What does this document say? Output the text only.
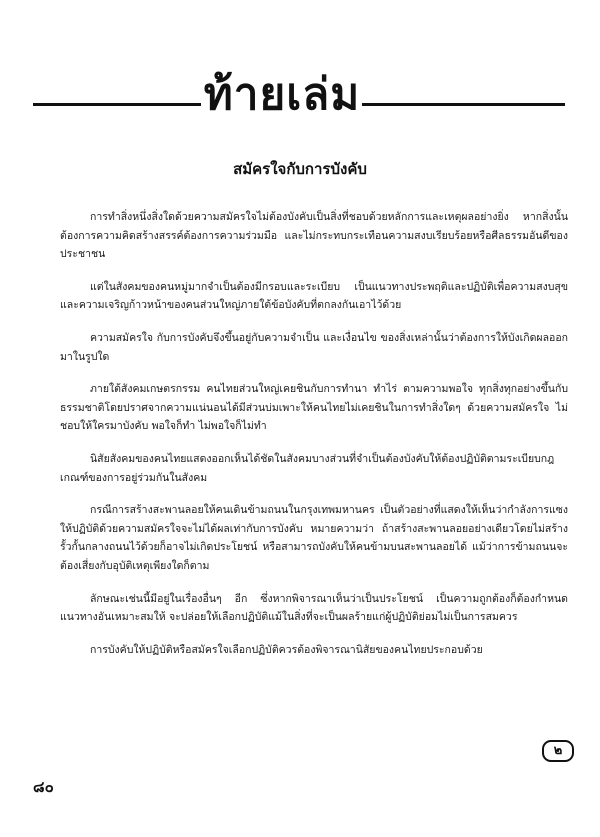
ท้ายเล่ม
สมัครใจกับการบังคับ

การทำสิ่งหนึ่งสิ่งใดด้วยความสมัครใจไม่ต้องบังคับเป็นสิ่งที่ชอบด้วยหลักการและเหตุผลอย่างยิ่ง หากสิ่งนั้นต้องการความคิดสร้างสรรค์ต้องการความร่วมมือ และไม่กระทบกระเทือนความสงบเรียบร้อยหรือศีลธรรมอันดีของประชาชน

แต่ในสังคมของคนหมู่มากจำเป็นต้องมีกรอบและระเบียบ เป็นแนวทางประพฤติและปฏิบัติเพื่อความสงบสุขและความเจริญก้าวหน้าของคนส่วนใหญ่ภายใต้ข้อบังคับที่ตกลงกันเอาไว้ด้วย

ความสมัครใจ กับการบังคับจึงขึ้นอยู่กับความจำเป็น และเงื่อนไข ของสิ่งเหล่านั้นว่าต้องการให้บังเกิดผลออกมาในรูปใด

ภายใต้สังคมเกษตรกรรม คนไทยส่วนใหญ่เคยชินกับการทำนา ทำไร่ ตามความพอใจ ทุกสิ่งทุกอย่างขึ้นกับธรรมชาติโดยปราศจากความแน่นอนได้มีส่วนบ่มเพาะให้คนไทยไม่เคยชินในการทำสิ่งใดๆ ด้วยความสมัครใจ ไม่ชอบให้ใครมาบังคับ พอใจก็ทำ ไม่พอใจก็ไม่ทำ

นิสัยสังคมของคนไทยแสดงออกเห็นได้ชัดในสังคมบางส่วนที่จำเป็นต้องบังคับให้ต้องปฏิบัติตามระเบียบกฎเกณฑ์ของการอยู่ร่วมกันในสังคม

กรณีการสร้างสะพานลอยให้คนเดินข้ามถนนในกรุงเทพมหานคร เป็นตัวอย่างที่แสดงให้เห็นว่ากำลังการแซงให้ปฏิบัติด้วยความสมัครใจจะไม่ได้ผลเท่ากับการบังคับ หมายความว่า ถ้าสร้างสะพานลอยอย่างเดียวโดยไม่สร้างรั้วกั้นกลางถนนไว้ด้วยก็อาจไม่เกิดประโยชน์ หรือสามารถบังคับให้คนข้ามบนสะพานลอยได้ แม้ว่าการข้ามถนนจะต้องเสี่ยงกับอุบัติเหตุเพียงใดก็ตาม

ลักษณะเช่นนี้มีอยู่ในเรื่องอื่นๆ อีก ซึ่งหากพิจารณาเห็นว่าเป็นประโยชน์ เป็นความถูกต้องก็ต้องกำหนดแนวทางอันเหมาะสมให้ จะปล่อยให้เลือกปฏิบัติแม้ในสิ่งที่จะเป็นผลร้ายแก่ผู้ปฏิบัติย่อมไม่เป็นการสมควร

การบังคับให้ปฏิบัติหรือสมัครใจเลือกปฏิบัติควรต้องพิจารณานิสัยของคนไทยประกอบด้วย

๒
๘๐
